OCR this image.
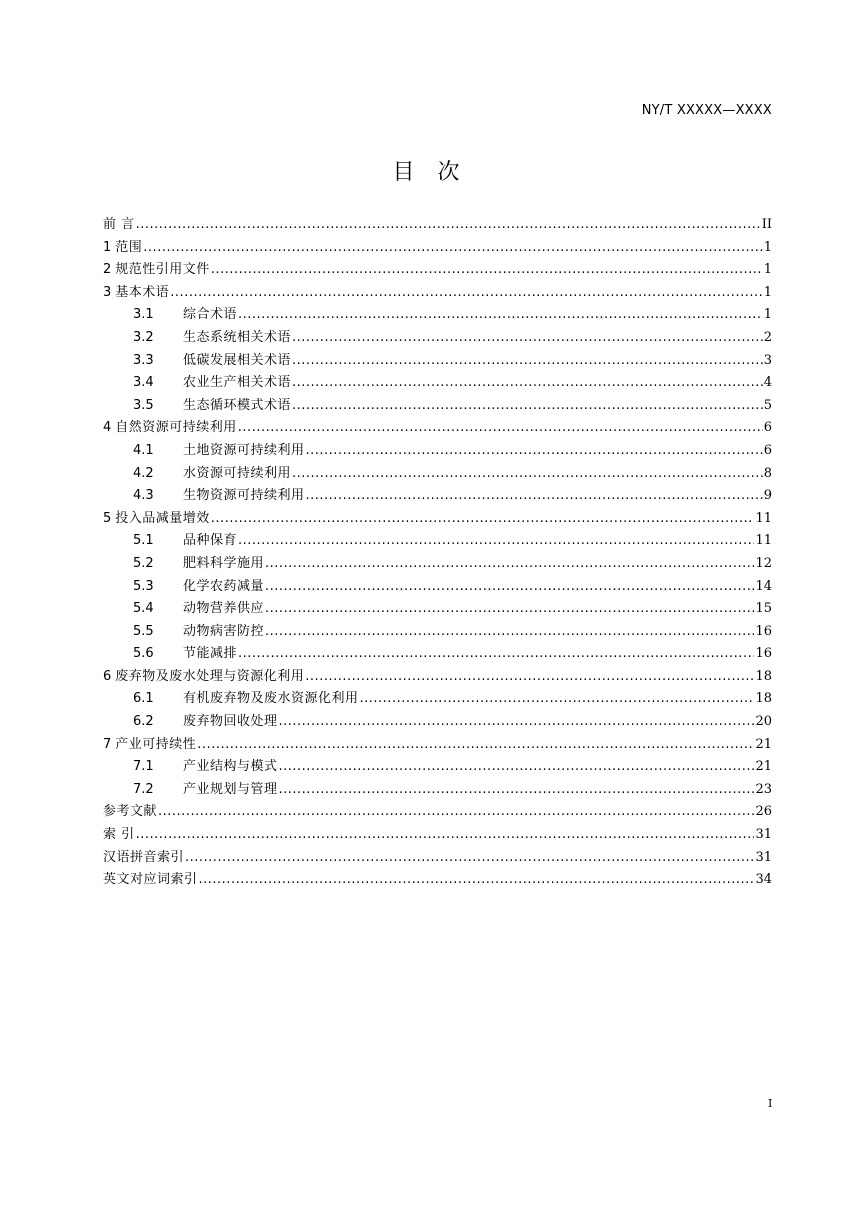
NY/T XXXXX—XXXX
目 次
前 言 .....	II
1 范围 .....	1
2 规范性引用文件 .....	1
3 基本术语 .....	1
3.1	综合术语 .....	1
3.2	生态系统相关术语 .....	2
3.3	低碳发展相关术语 .....	3
3.4	农业生产相关术语 .....	4
3.5	生态循环模式术语 .....	5
4 自然资源可持续利用 .....	6
4.1	土地资源可持续利用 .....	6
4.2	水资源可持续利用 .....	8
4.3	生物资源可持续利用 .....	9
5 投入品减量增效 .....	11
5.1	品种保育 .....	11
5.2	肥料科学施用 .....	12
5.3	化学农药减量 .....	14
5.4	动物营养供应 .....	15
5.5	动物病害防控 .....	16
5.6	节能减排 .....	16
6 废弃物及废水处理与资源化利用 .....	18
6.1	有机废弃物及废水资源化利用 .....	18
6.2	废弃物回收处理 .....	20
7 产业可持续性 .....	21
7.1	产业结构与模式 .....	21
7.2	产业规划与管理 .....	23
参考文献 .....	26
索 引 .....	31
汉语拼音索引 .....	31
英文对应词索引 .....	34
I
